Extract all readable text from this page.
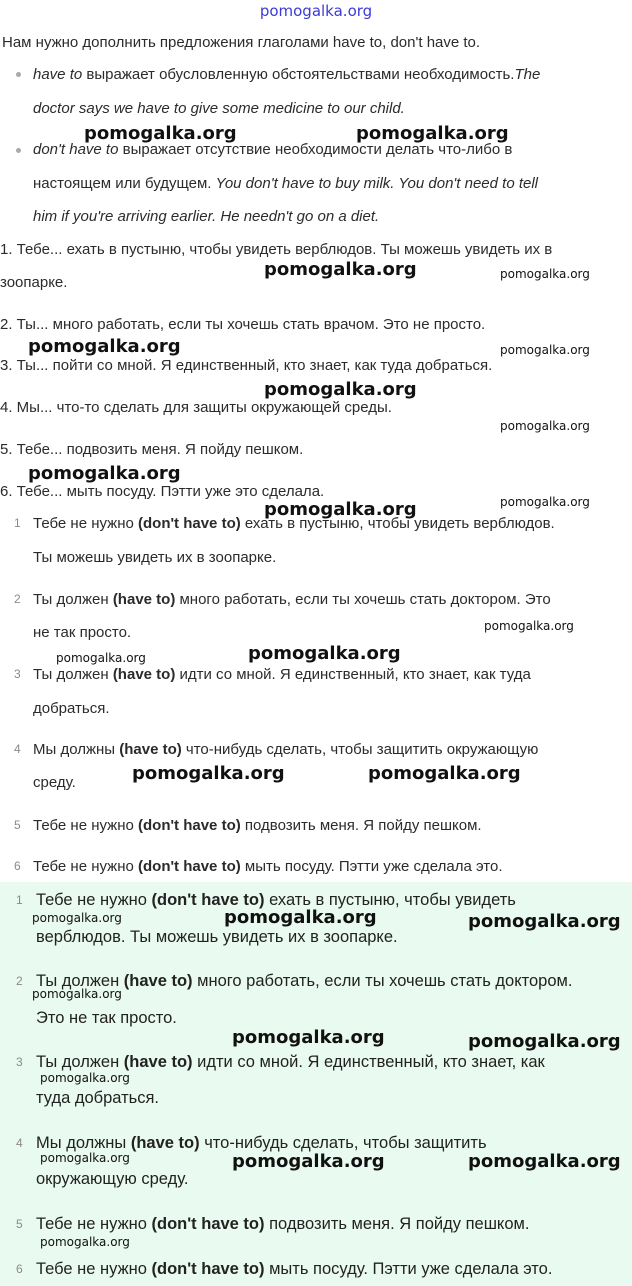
pomogalka.org
Нам нужно дополнить предложения глаголами have to, don't have to.
have to выражает обусловленную обстоятельствами необходимость.The
doctor says we have to give some medicine to our child.
don't have to выражает отсутствие необходимости делать что-либо в
настоящем или будущем. You don't have to buy milk. You don't need to tell
him if you're arriving earlier. He needn't go on a diet.
1. Тебе... ехать в пустыню, чтобы увидеть верблюдов. Ты можешь увидеть их в
зоопарке.
2. Ты... много работать, если ты хочешь стать врачом. Это не просто.
3. Ты... пойти со мной. Я единственный, кто знает, как туда добраться.
4. Мы... что-то сделать для защиты окружающей среды.
5. Тебе... подвозить меня. Я пойду пешком.
6. Тебе... мыть посуду. Пэтти уже это сделала.
1 Тебе не нужно (don't have to) ехать в пустыню, чтобы увидеть верблюдов.
Ты можешь увидеть их в зоопарке.
2 Ты должен (have to) много работать, если ты хочешь стать доктором. Это
не так просто.
3 Ты должен (have to) идти со мной. Я единственный, кто знает, как туда
добраться.
4 Мы должны (have to) что-нибудь сделать, чтобы защитить окружающую
среду.
5 Тебе не нужно (don't have to) подвозить меня. Я пойду пешком.
6 Тебе не нужно (don't have to) мыть посуду. Пэтти уже сделала это.
1 Тебе не нужно (don't have to) ехать в пустыню, чтобы увидеть
верблюдов. Ты можешь увидеть их в зоопарке.
2 Ты должен (have to) много работать, если ты хочешь стать доктором.
Это не так просто.
3 Ты должен (have to) идти со мной. Я единственный, кто знает, как
туда добраться.
4 Мы должны (have to) что-нибудь сделать, чтобы защитить
окружающую среду.
5 Тебе не нужно (don't have to) подвозить меня. Я пойду пешком.
6 Тебе не нужно (don't have to) мыть посуду. Пэтти уже сделала это.
pomogalka.org	pomogalka.org
pomogalka.org	pomogalka.org
pomogalka.org	pomogalka.org
pomogalka.org
pomogalka.org
pomogalka.org
pomogalka.org
pomogalka.org
pomogalka.org
pomogalka.org	pomogalka.org
pomogalka.org	pomogalka.org
pomogalka.org	pomogalka.org	pomogalka.org
pomogalka.org
pomogalka.org	pomogalka.org
pomogalka.org
pomogalka.org	pomogalka.org	pomogalka.org
pomogalka.org
